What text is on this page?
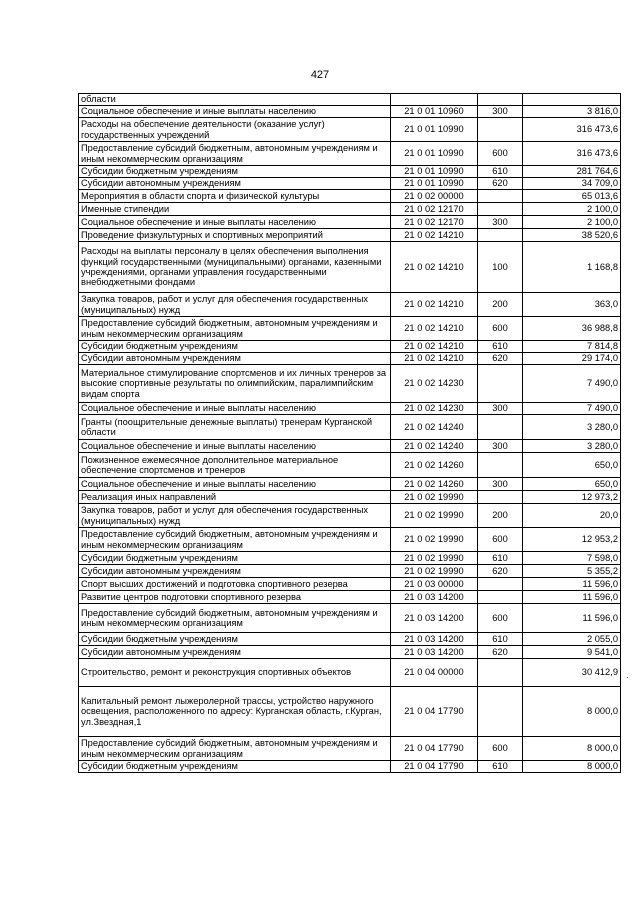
427
области			
Социальное обеспечение и иные выплаты населению	21 0 01 10960	300	3 816,0
Расходы на обеспечение деятельности (оказание услуг) государственных учреждений	21 0 01 10990		316 473,6
Предоставление субсидий бюджетным, автономным учреждениям и иным некоммерческим организациям	21 0 01 10990	600	316 473,6
Субсидии бюджетным учреждениям	21 0 01 10990	610	281 764,6
Субсидии автономным учреждениям	21 0 01 10990	620	34 709,0
Мероприятия в области спорта и физической культуры	21 0 02 00000		65 013,6
Именные стипендии	21 0 02 12170		2 100,0
Социальное обеспечение и иные выплаты населению	21 0 02 12170	300	2 100,0
Проведение физкультурных и спортивных мероприятий	21 0 02 14210		38 520,6
Расходы на выплаты персоналу в целях обеспечения выполнения функций государственными (муниципальными) органами, казенными учреждениями, органами управления государственными внебюджетными фондами	21 0 02 14210	100	1 168,8
Закупка товаров, работ и услуг для обеспечения государственных (муниципальных) нужд	21 0 02 14210	200	363,0
Предоставление субсидий бюджетным, автономным учреждениям и иным некоммерческим организациям	21 0 02 14210	600	36 988,8
Субсидии бюджетным учреждениям	21 0 02 14210	610	7 814,8
Субсидии автономным учреждениям	21 0 02 14210	620	29 174,0
Материальное стимулирование спортсменов и их личных тренеров за высокие спортивные результаты по олимпийским, паралимпийским видам спорта	21 0 02 14230		7 490,0
Социальное обеспечение и иные выплаты населению	21 0 02 14230	300	7 490,0
Гранты (поощрительные денежные выплаты) тренерам Курганской области	21 0 02 14240		3 280,0
Социальное обеспечение и иные выплаты населению	21 0 02 14240	300	3 280,0
Пожизненное ежемесячное дополнительное материальное обеспечение спортсменов и тренеров	21 0 02 14260		650,0
Социальное обеспечение и иные выплаты населению	21 0 02 14260	300	650,0
Реализация иных направлений	21 0 02 19990		12 973,2
Закупка товаров, работ и услуг для обеспечения государственных (муниципальных) нужд	21 0 02 19990	200	20,0
Предоставление субсидий бюджетным, автономным учреждениям и иным некоммерческим организациям	21 0 02 19990	600	12 953,2
Субсидии бюджетным учреждениям	21 0 02 19990	610	7 598,0
Субсидии автономным учреждениям	21 0 02 19990	620	5 355,2
Спорт высших достижений и подготовка спортивного резерва	21 0 03 00000		11 596,0
Развитие центров подготовки спортивного резерва	21 0 03 14200		11 596,0
Предоставление субсидий бюджетным, автономным учреждениям и иным некоммерческим организациям	21 0 03 14200	600	11 596,0
Субсидии бюджетным учреждениям	21 0 03 14200	610	2 055,0
Субсидии автономным учреждениям	21 0 03 14200	620	9 541,0
Строительство, ремонт и реконструкция спортивных объектов	21 0 04 00000		30 412,9
Капитальный ремонт лыжеролерной трассы, устройство наружного освещения, расположенного по адресу: Курганская область, г.Курган, ул.Звездная,1	21 0 04 17790		8 000,0
Предоставление субсидий бюджетным, автономным учреждениям и иным некоммерческим организациям	21 0 04 17790	600	8 000,0
Субсидии бюджетным учреждениям	21 0 04 17790	610	8 000,0
·
